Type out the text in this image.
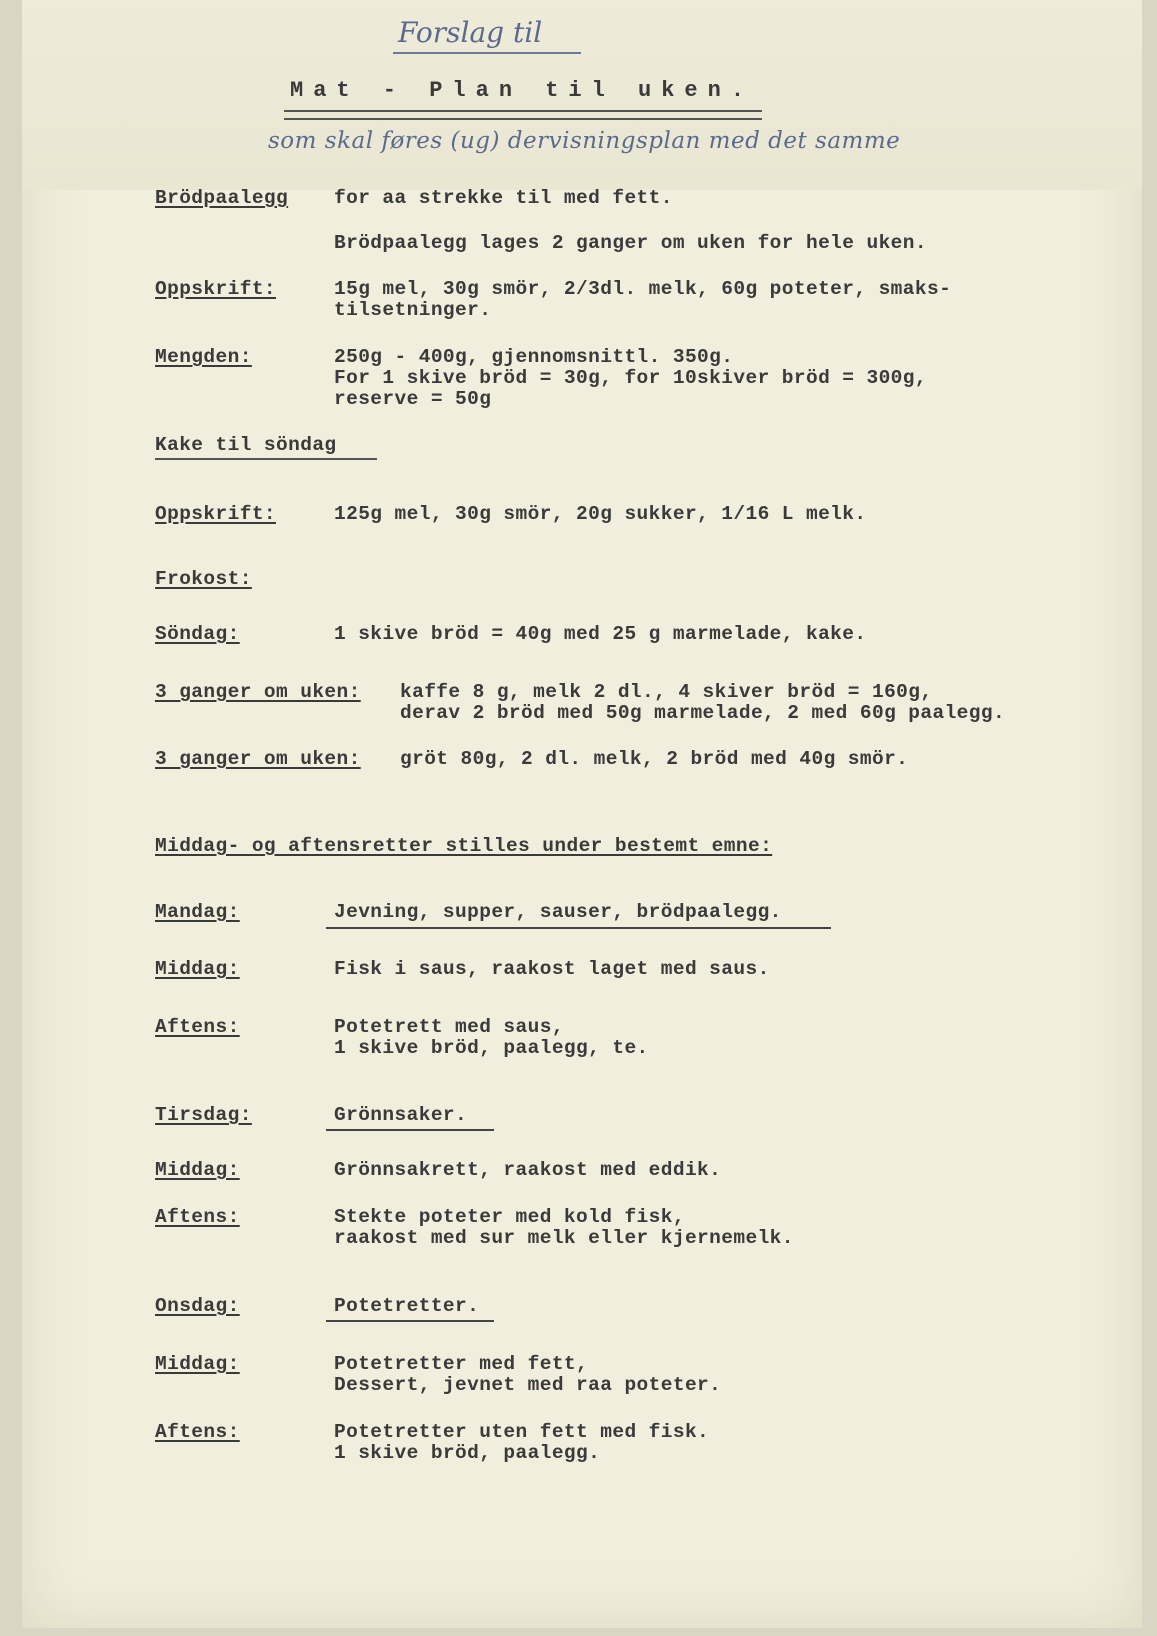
Forslag til
Mat - Plan til uken.
som skal føres (ug) dervisningsplan med det samme
Brödpaalegg for aa strekke til med fett.
Brödpaalegg lages 2 ganger om uken for hele uken.
Oppskrift:	15g mel, 30g smör, 2/3dl. melk, 60g poteter, smaks-
tilsetninger.
Mengden:	250g - 400g, gjennomsnittl. 350g.
For 1 skive bröd = 30g, for 10skiver bröd = 300g,
reserve = 50g
Kake til söndag
Oppskrift:	125g mel, 30g smör, 20g sukker, 1/16 L melk.
Frokost:
Söndag:	1 skive bröd = 40g med 25 g marmelade, kake.
3 ganger om uken: kaffe 8 g, melk 2 dl., 4 skiver bröd = 160g,
derav 2 bröd med 50g marmelade, 2 med 60g paalegg.
3 ganger om uken: gröt 80g, 2 dl. melk, 2 bröd med 40g smör.
Middag- og aftensretter stilles under bestemt emne:
Mandag:	Jevning, supper, sauser, brödpaalegg.
Middag:	Fisk i saus, raakost laget med saus.
Aftens:	Potetrett med saus,
1 skive bröd, paalegg, te.
Tirsdag:	Grönnsaker.
Middag:	Grönnsakrett, raakost med eddik.
Aftens:	Stekte poteter med kold fisk,
raakost med sur melk eller kjernemelk.
Onsdag:	Potetretter.
Middag:	Potetretter med fett,
Dessert, jevnet med raa poteter.
Aftens:	Potetretter uten fett med fisk.
1 skive bröd, paalegg.
